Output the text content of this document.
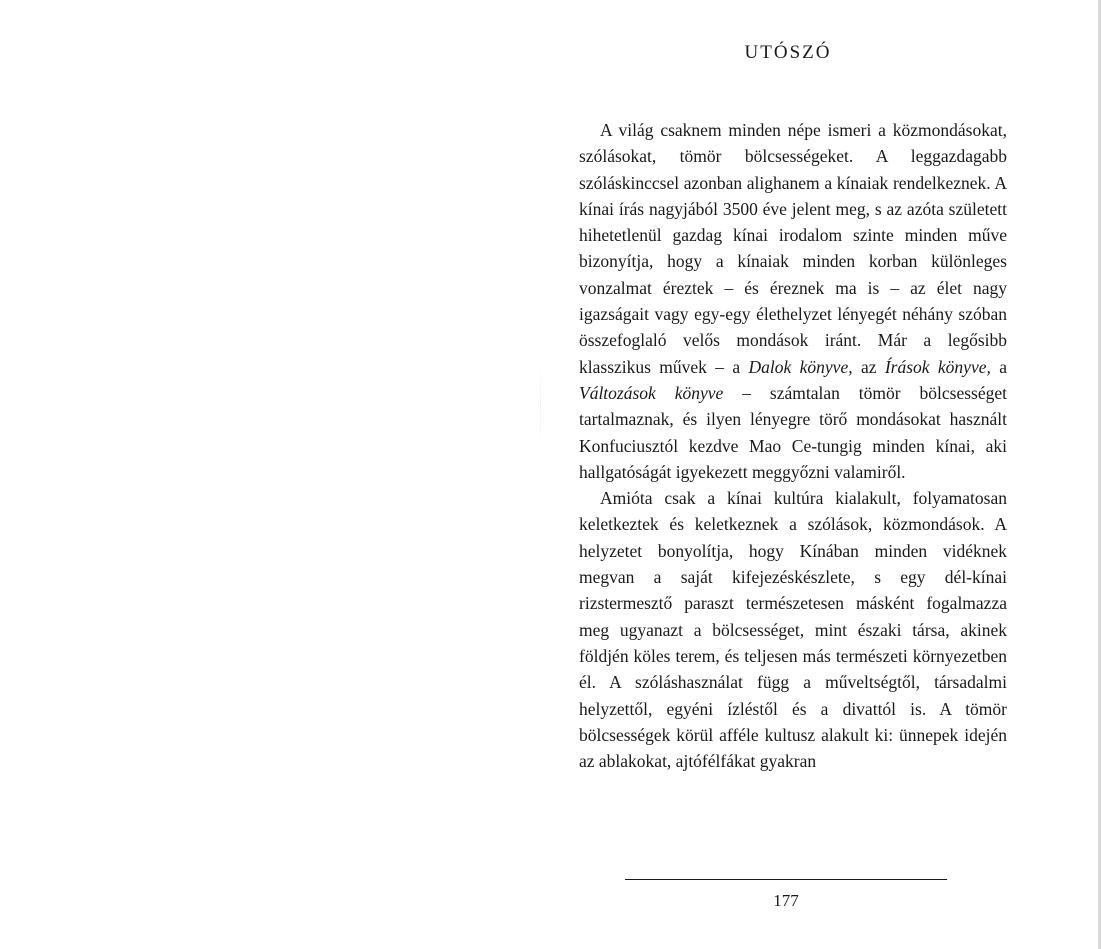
UTÓSZÓ

A világ csaknem minden népe ismeri a közmondásokat, szólásokat, tömör bölcsességeket. A leggazdagabb szóláskinccsel azonban alighanem a kínaiak rendelkeznek. A kínai írás nagyjából 3500 éve jelent meg, s az azóta született hihetetlenül gazdag kínai irodalom szinte minden műve bizonyítja, hogy a kínaiak minden korban különleges vonzalmat éreztek – és éreznek ma is – az élet nagy igazságait vagy egy-egy élethelyzet lényegét néhány szóban összefoglaló velős mondások iránt. Már a legősibb klasszikus művek – a Dalok könyve, az Írások könyve, a Változások könyve – számtalan tömör bölcsességet tartalmaznak, és ilyen lényegre törő mondásokat használt Konfuciusztól kezdve Mao Ce-tungig minden kínai, aki hallgatóságát igyekezett meggyőzni valamiről.

Amióta csak a kínai kultúra kialakult, folyamatosan keletkeztek és keletkeznek a szólások, közmondások. A helyzetet bonyolítja, hogy Kínában minden vidéknek megvan a saját kifejezéskészlete, s egy dél-kínai rizstermesztő paraszt természetesen másként fogalmazza meg ugyanazt a bölcsességet, mint északi társa, akinek földjén köles terem, és teljesen más természeti környezetben él. A szóláshasználat függ a műveltségtől, társadalmi helyzettől, egyéni ízléstől és a divattól is. A tömör bölcsességek körül afféle kultusz alakult ki: ünnepek idején az ablakokat, ajtófélfákat gyakran

177
